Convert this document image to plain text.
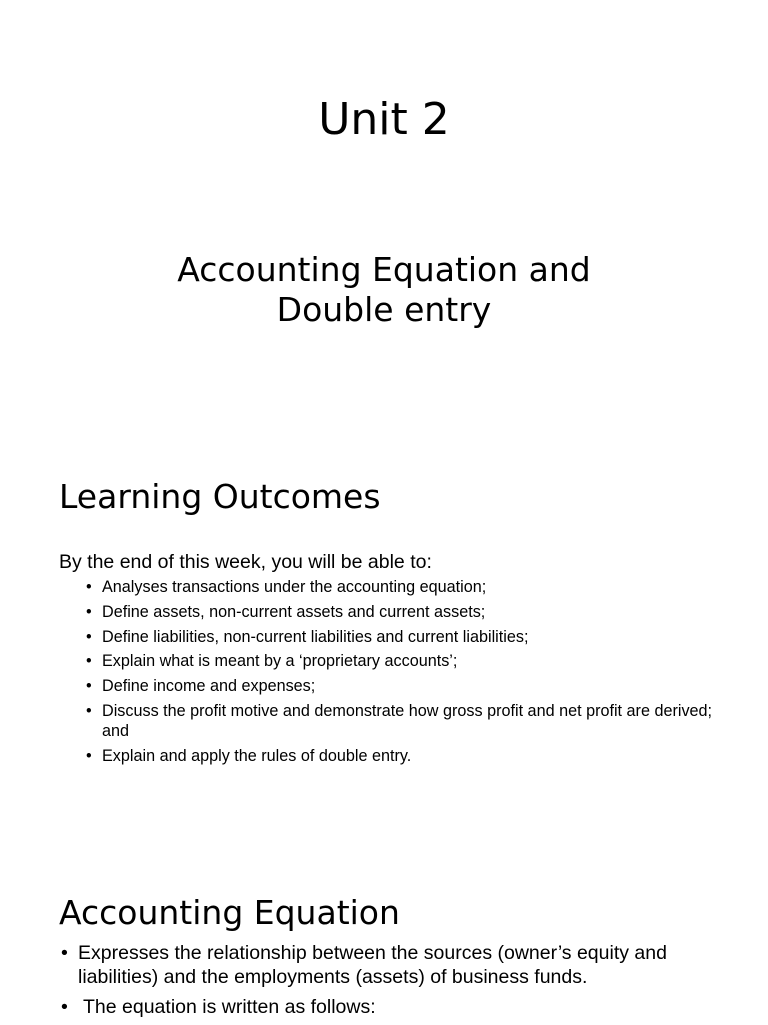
Unit 2
Accounting Equation and
Double entry
Learning Outcomes

By the end of this week, you will be able to:

• Analyses transactions under the accounting equation;
• Define assets, non-current assets and current assets;
• Define liabilities, non-current liabilities and current liabilities;
• Explain what is meant by a ‘proprietary accounts’;
• Define income and expenses;
• Discuss the profit motive and demonstrate how gross profit and net profit are derived; and
• Explain and apply the rules of double entry.
Accounting Equation
• Expresses the relationship between the sources (owner’s equity and liabilities) and the employments (assets) of business funds.
• The equation is written as follows:
